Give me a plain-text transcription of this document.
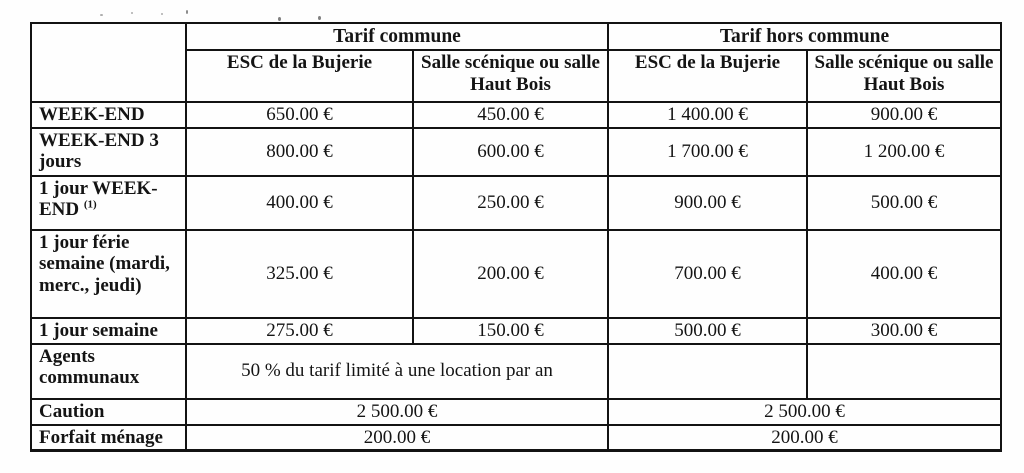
	Tarif commune		Tarif hors commune	
	ESC de la Bujerie	Salle scénique ou salle Haut Bois	ESC de la Bujerie	Salle scénique ou salle Haut Bois
WEEK-END	650.00 €	450.00 €	1 400.00 €	900.00 €
WEEK-END 3 jours	800.00 €	600.00 €	1 700.00 €	1 200.00 €
1 jour WEEK-END $^{(1)}$	400.00 €	250.00 €	900.00 €	500.00 €
1 jour férie semaine (mardi, merc., jeudi)	325.00 €	200.00 €	700.00 €	400.00 €
1 jour semaine	275.00 €	150.00 €	500.00 €	300.00 €
Agents communaux	50 % du tarif limité à une location par an			
Caution	2 500.00 €		2 500.00 €	
Forfait ménage	200.00 €		200.00 €	
